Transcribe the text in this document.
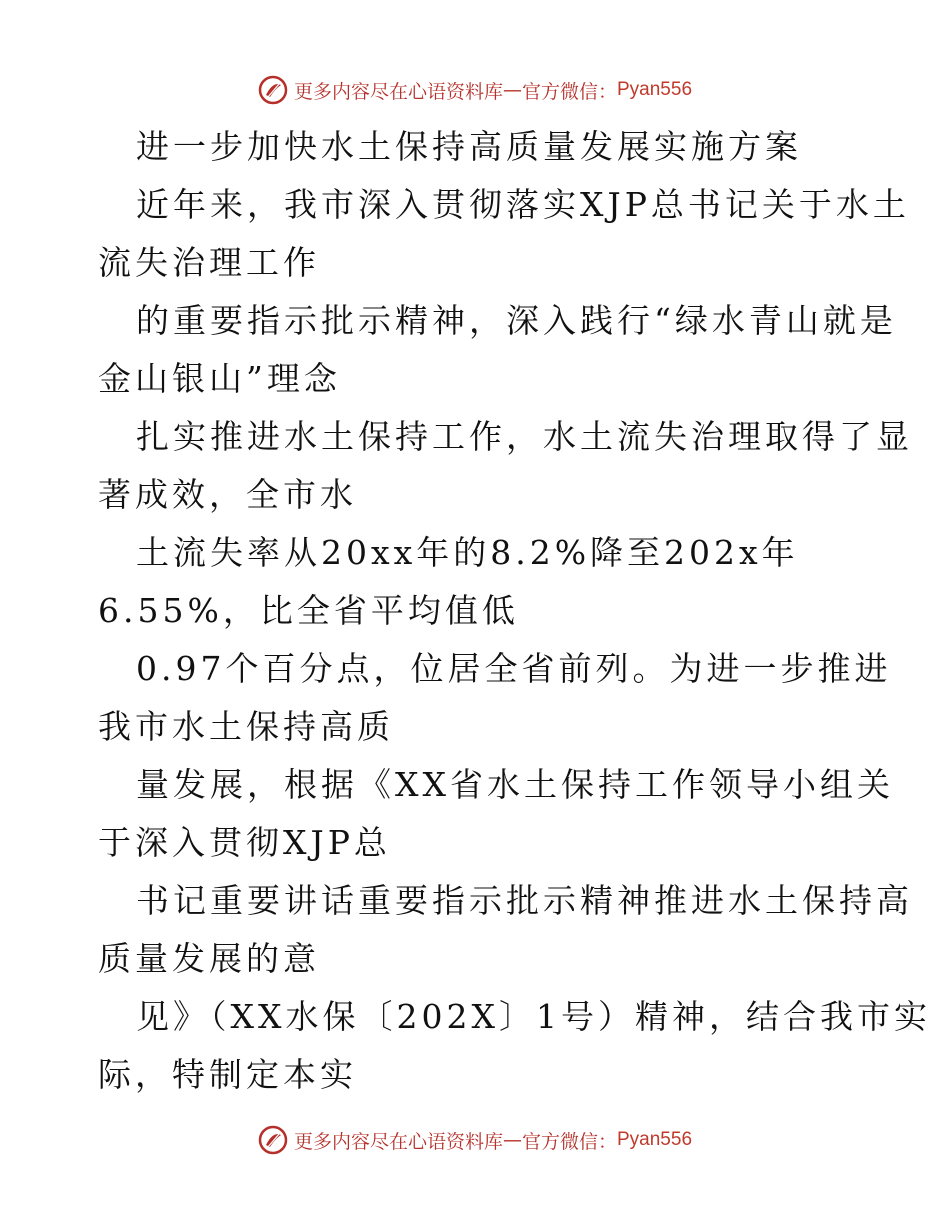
更多内容尽在心语资料库 — 官方微信： Pyan556
进一步加快水土保持高质量发展实施方案
近年来，我市深入贯彻落实XJP总书记关于水土
流失治理工作
的重要指示批示精神，深入践行“绿水青山就是
金山银山”理念
扎实推进水土保持工作，水土流失治理取得了显
著成效，全市水
土流失率从20xx年的8.2%降至202x年
6.55%，比全省平均值低
0.97个百分点，位居全省前列。为进一步推进
我市水土保持高质
量发展，根据《XX省水土保持工作领导小组关
于深入贯彻XJP总
书记重要讲话重要指示批示精神推进水土保持高
质量发展的意
见》（XX水保〔202X〕1号）精神，结合我市实
际，特制定本实
更多内容尽在心语资料库 — 官方微信： Pyan556
